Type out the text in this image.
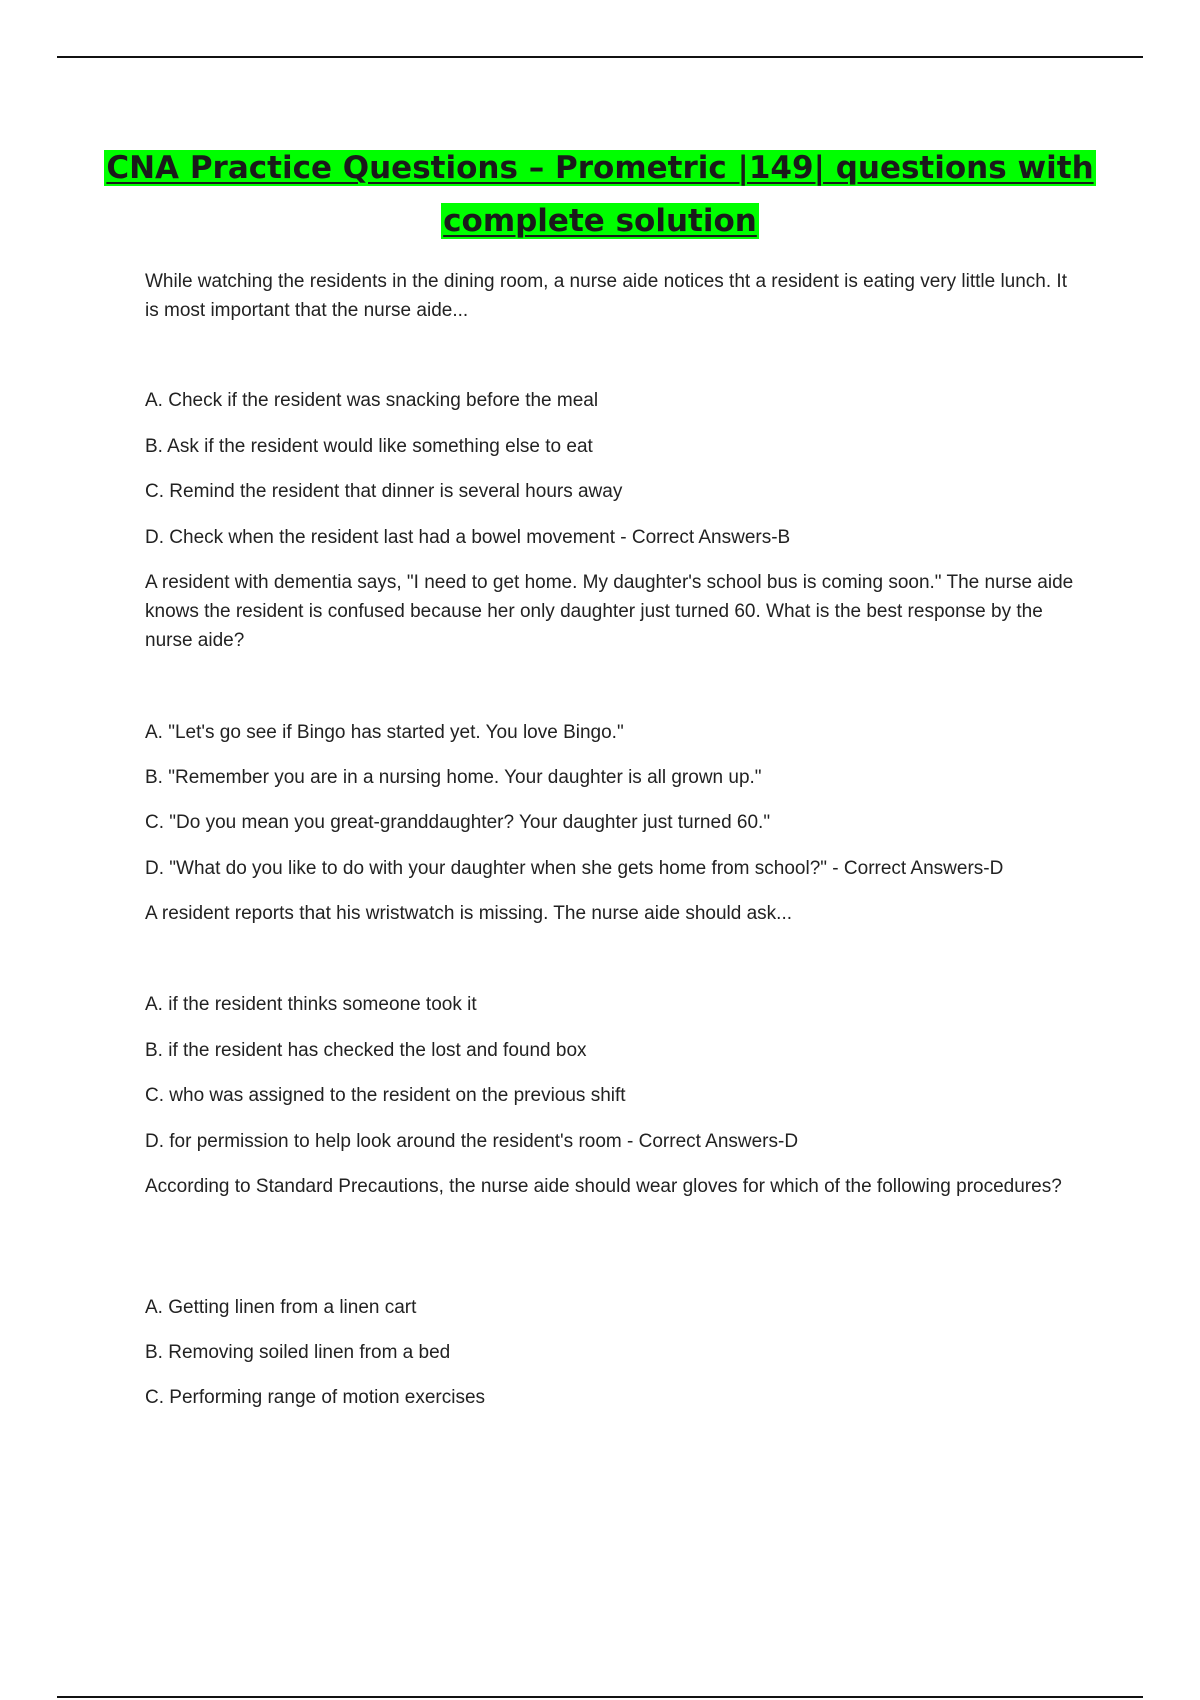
CNA Practice Questions – Prometric |149| questions with complete solution

While watching the residents in the dining room, a nurse aide notices tht a resident is eating very little lunch. It is most important that the nurse aide...

A. Check if the resident was snacking before the meal

B. Ask if the resident would like something else to eat

C. Remind the resident that dinner is several hours away

D. Check when the resident last had a bowel movement - Correct Answers-B

A resident with dementia says, "I need to get home. My daughter's school bus is coming soon." The nurse aide knows the resident is confused because her only daughter just turned 60. What is the best response by the nurse aide?

A. "Let's go see if Bingo has started yet. You love Bingo."

B. "Remember you are in a nursing home. Your daughter is all grown up."

C. "Do you mean you great-granddaughter? Your daughter just turned 60."

D. "What do you like to do with your daughter when she gets home from school?" - Correct Answers-D

A resident reports that his wristwatch is missing. The nurse aide should ask...

A. if the resident thinks someone took it

B. if the resident has checked the lost and found box

C. who was assigned to the resident on the previous shift

D. for permission to help look around the resident's room - Correct Answers-D

According to Standard Precautions, the nurse aide should wear gloves for which of the following procedures?

A. Getting linen from a linen cart

B. Removing soiled linen from a bed

C. Performing range of motion exercises
